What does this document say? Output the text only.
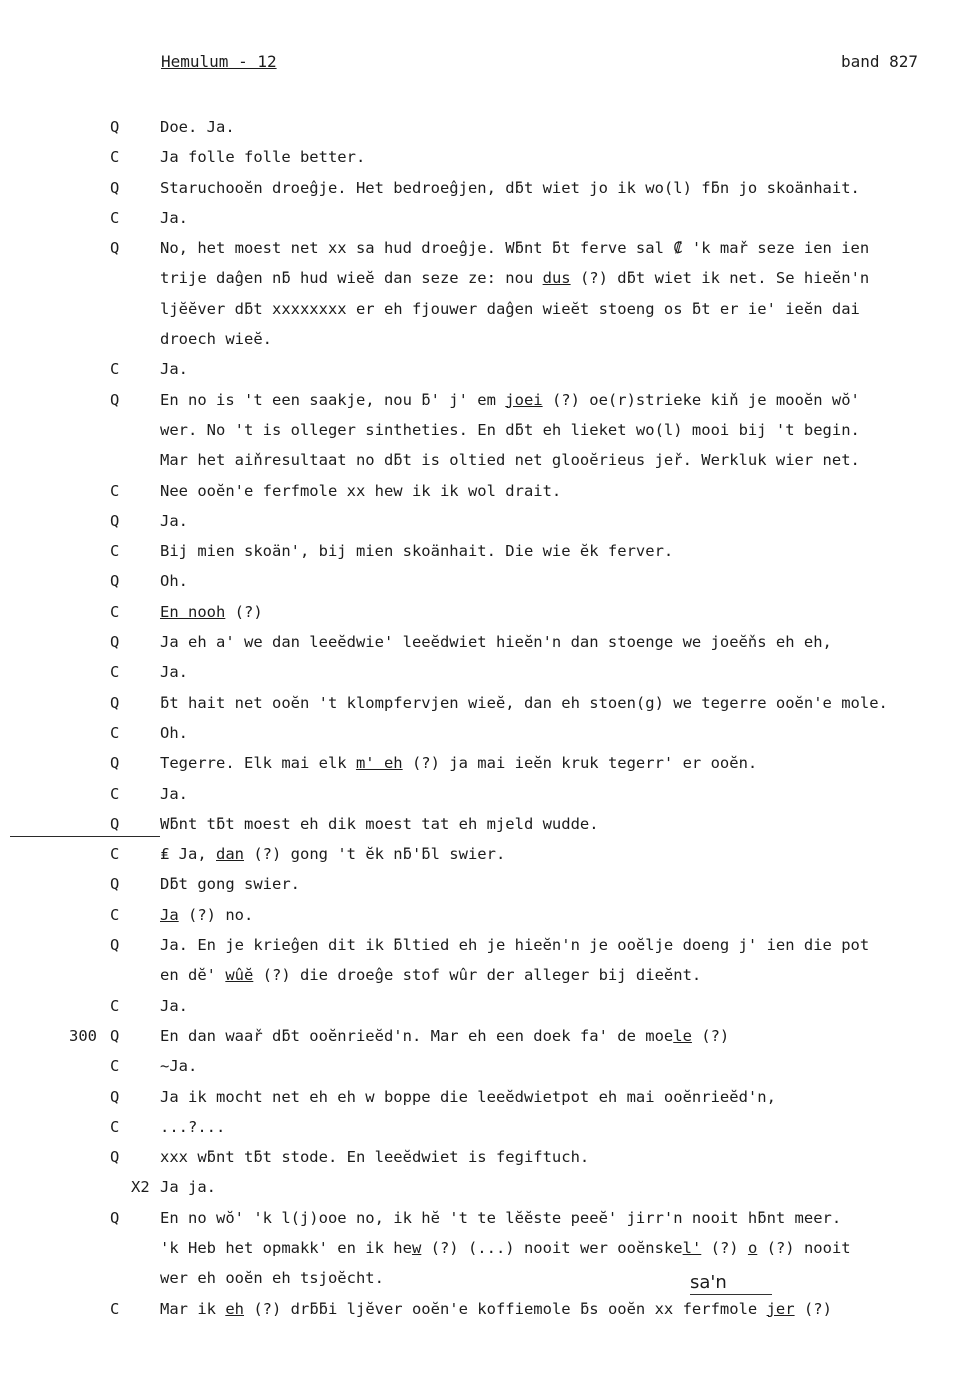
Hemulum - 12	band 827
Q	Doe. Ja.
C	Ja folle folle better.
Q	Staruchooĕn droeĝje. Het bedroeĝjen, dƃt wiet jo ik wo(l) fƃn jo skoänhait.
C	Ja.
Q	No, het moest net xx sa hud droeĝje. Wƃnt ƃt ferve sal ₡ 'k mař seze ien ien
trije daĝen nƃ hud wieĕ dan seze ze: nou dus (?) dƃt wiet ik net. Se hieĕn'n
ljĕĕver dƃt xxxxxxxx er eh fjouwer daĝen wieĕt stoeng os ƃt er ie' ieĕn dai
droech wieĕ.
C	Ja.
Q	En no is 't een saakje, nou ƃ' j' em joei (?) oe(r)strieke kiň je mooĕn wŏ'
wer. No 't is olleger sintheties. En dƃt eh lieket wo(l) mooi bij 't begin.
Mar het aiňresultaat no dƃt is oltied net glooĕrieus jeř. Werkluk wier net.
C	Nee ooĕn'e ferfmole xx hew ik ik wol drait.
Q	Ja.
C	Bij mien skoän', bij mien skoänhait. Die wie ĕk ferver.
Q	Oh.
C	En nooh (?)
Q	Ja eh a' we dan leeĕdwie' leeĕdwiet hieĕn'n dan stoenge we joeĕňs eh eh,
C	Ja.
Q	ƃt hait net ooĕn 't klompfervjen wieĕ, dan eh stoen(g) we tegerre ooĕn'e mole.
C	Oh.
Q	Tegerre. Elk mai elk m' eh (?) ja mai ieĕn kruk tegerr' er ooĕn.
C	Ja.
Q	Wƃnt tƃt moest eh dik moest tat eh mjeld wudde.
C	₤ Ja, dan (?) gong 't ĕk nƃ'ƃl swier.
Q	Dƃt gong swier.
C	Ja (?) no.
Q	Ja. En je krieĝen dit ik ƃltied eh je hieĕn'n je ooĕlje doeng j' ien die pot
en dĕ' wûĕ (?) die droeĝe stof wûr der alleger bij dieĕnt.
C	Ja.
300 Q	En dan waař dƃt ooĕnrieĕd'n. Mar eh een doek fa' de moele (?)
C	~Ja.
Q	Ja ik mocht net eh eh w boppe die leeĕdwietpot eh mai ooĕnrieĕd'n,
C	...?...
Q	xxx wƃnt tƃt stode. En leeĕdwiet is fegiftuch.
X2 Ja ja.
Q	En no wŏ' 'k l(j)ooe no, ik hĕ 't te lĕĕste peeĕ' jirr'n nooit hƃnt meer.
'k Heb het opmakk' en ik hew (?) (...) nooit wer ooĕnskel' (?) o (?) nooit
wer eh ooĕn eh tsjoĕcht.
C	Mar ik eh (?) drƃƃi ljĕver ooĕn'e koffiemole ƃs ooĕn xx ferfmole jer (?)
sa'n
